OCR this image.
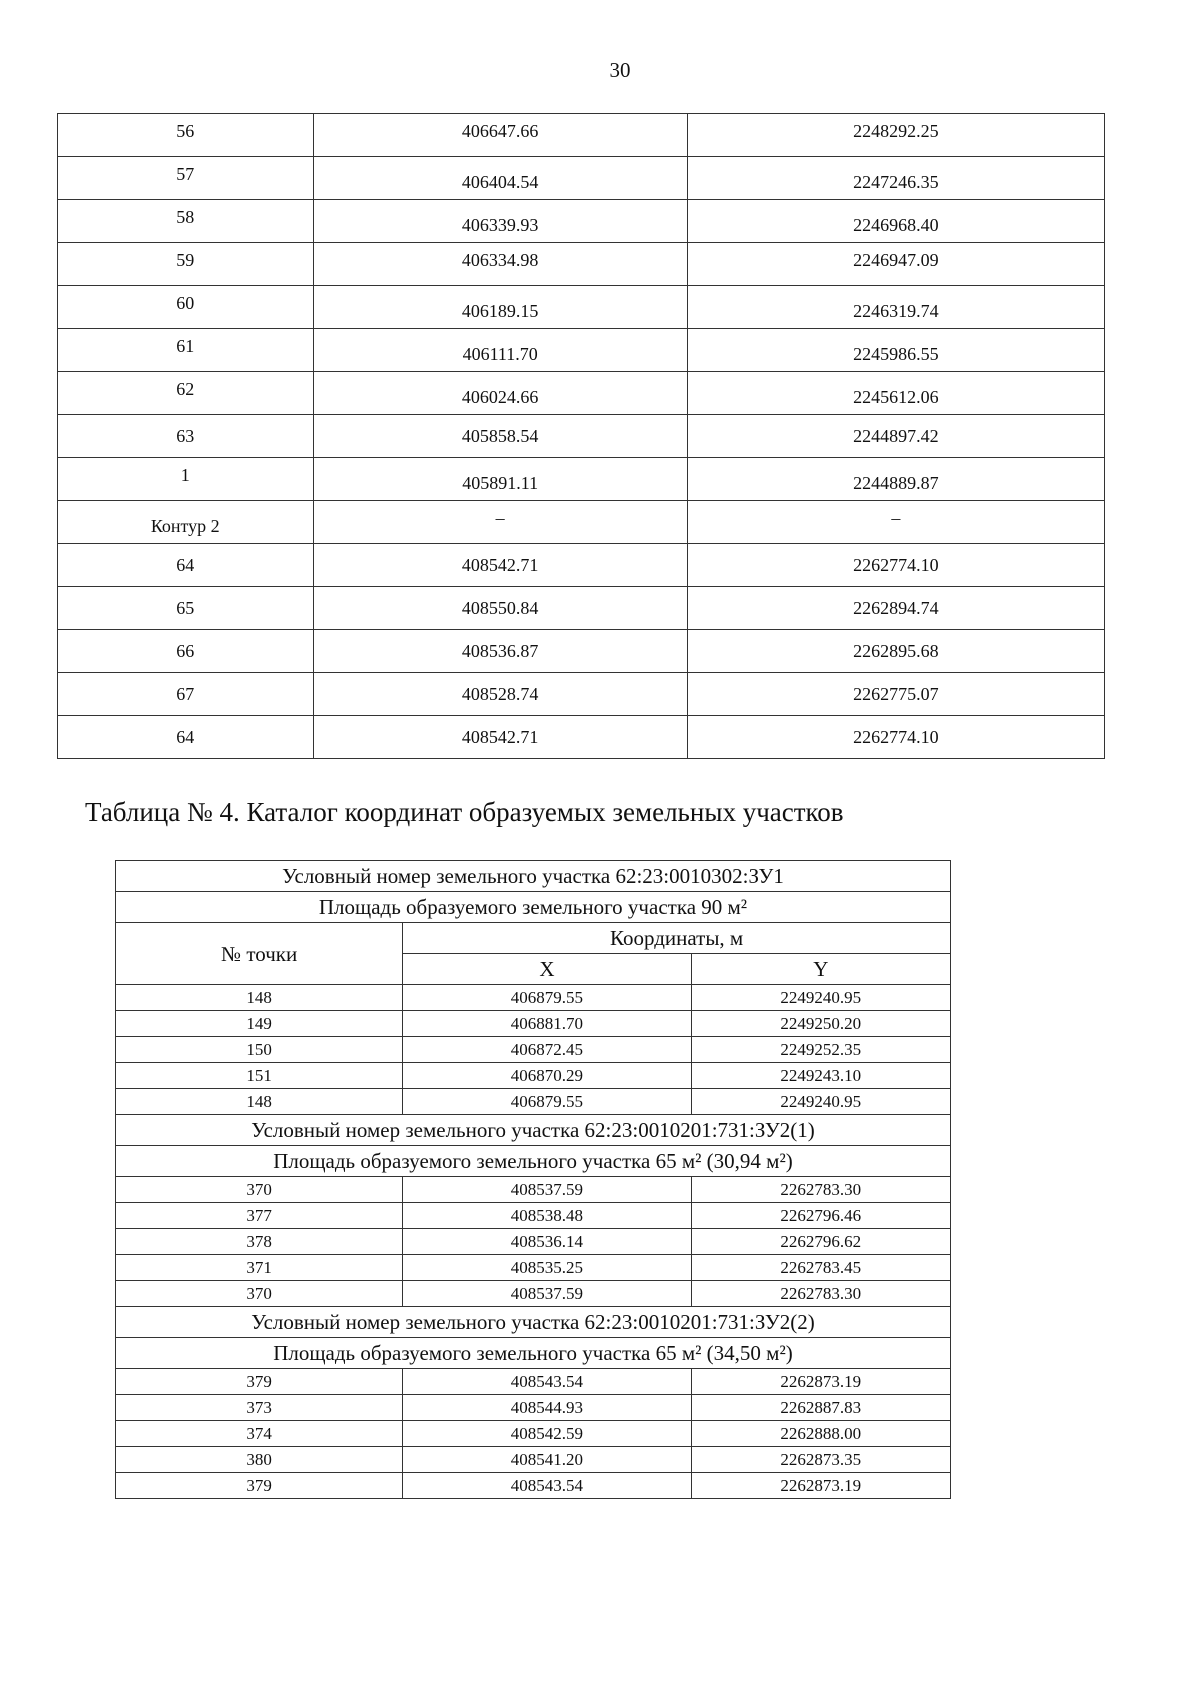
30
56	406647.66	2248292.25
57	406404.54	2247246.35
58	406339.93	2246968.40
59	406334.98	2246947.09
60	406189.15	2246319.74
61	406111.70	2245986.55
62	406024.66	2245612.06
63	405858.54	2244897.42
1	405891.11	2244889.87
Контур 2	–	–
64	408542.71	2262774.10
65	408550.84	2262894.74
66	408536.87	2262895.68
67	408528.74	2262775.07
64	408542.71	2262774.10
Таблица № 4. Каталог координат образуемых земельных участков
Условный номер земельного участка 62:23:0010302:ЗУ1		
Площадь образуемого земельного участка 90 м²		
№ точки	Координаты, м	
	X	Y
148	406879.55	2249240.95
149	406881.70	2249250.20
150	406872.45	2249252.35
151	406870.29	2249243.10
148	406879.55	2249240.95
Условный номер земельного участка 62:23:0010201:731:ЗУ2(1)		
Площадь образуемого земельного участка 65 м² (30,94 м²)		
370	408537.59	2262783.30
377	408538.48	2262796.46
378	408536.14	2262796.62
371	408535.25	2262783.45
370	408537.59	2262783.30
Условный номер земельного участка 62:23:0010201:731:ЗУ2(2)		
Площадь образуемого земельного участка 65 м² (34,50 м²)		
379	408543.54	2262873.19
373	408544.93	2262887.83
374	408542.59	2262888.00
380	408541.20	2262873.35
379	408543.54	2262873.19
